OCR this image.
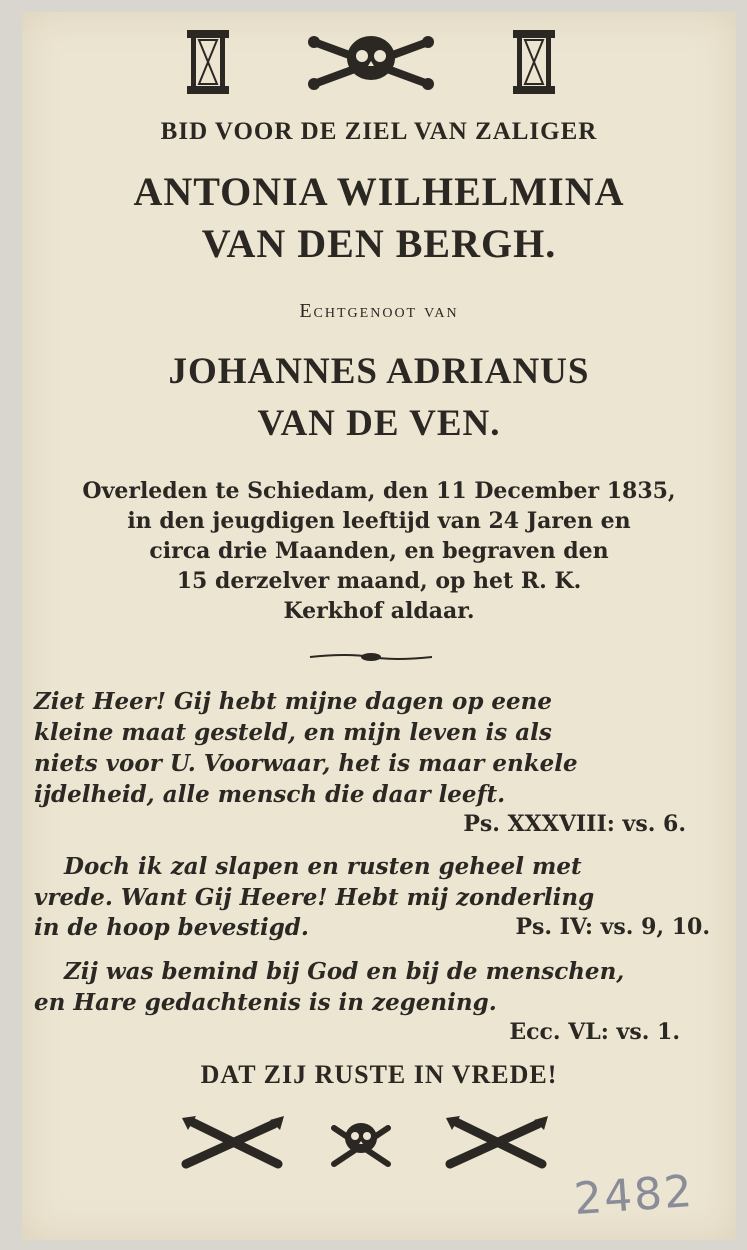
BID VOOR DE ZIEL VAN ZALIGER
ANTONIA WILHELMINA
VAN DEN BERGH.
Echtgenoot van
JOHANNES ADRIANUS
VAN DE VEN.
Overleden te Schiedam, den 11 December 1835,
in den jeugdigen leeftijd van 24 Jaren en
circa drie Maanden, en begraven den
15 derzelver maand, op het R. K.
Kerkhof aldaar.
Ziet Heer! Gij hebt mijne dagen op eene
kleine maat gesteld, en mijn leven is als
niets voor U. Voorwaar, het is maar enkele
ijdelheid, alle mensch die daar leeft.
Ps. XXXVIII: vs. 6.
Doch ik zal slapen en rusten geheel met
vrede. Want Gij Heere! Hebt mij zonderling
in de hoop bevestigd.	Ps. IV: vs. 9, 10.
Zij was bemind bij God en bij de menschen,
en Hare gedachtenis is in zegening.
Ecc. VL: vs. 1.
DAT ZIJ RUSTE IN VREDE!
2482
